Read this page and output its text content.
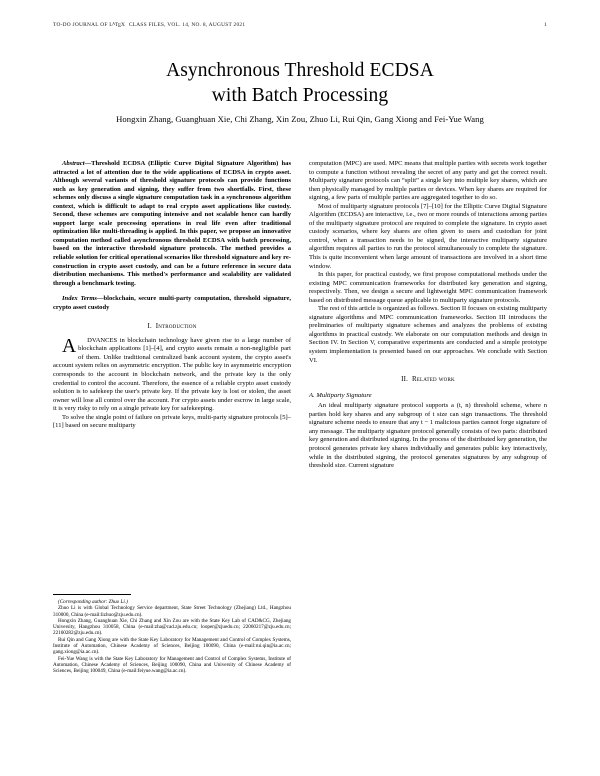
TO-DO JOURNAL OF $L^ATEX$ CLASS FILES, VOL. 14, NO. 8, AUGUST 2021	1
Asynchronous Threshold ECDSA
with Batch Processing
Hongxin Zhang, Guanghuan Xie, Chi Zhang, Xin Zou, Zhuo Li, Rui Qin, Gang Xiong and Fei-Yue Wang

Abstract—Threshold ECDSA (Elliptic Curve Digital Signature Algorithm) has attracted a lot of attention due to the wide applications of ECDSA in crypto asset. Although several variants of threshold signature protocols can provide functions such as key generation and signing, they suffer from two shortfalls. First, these schemes only discuss a single signature computation task in a synchronous algorithm context, which is difficult to adapt to real crypto asset applications like custody. Second, these schemes are computing intensive and not scalable hence can hardly support large scale processing operations in real life even after traditional optimization like multi-threading is applied. In this paper, we propose an innovative computation method called asynchronous threshold ECDSA with batch processing, based on the interactive threshold signature protocols. The method provides a reliable solution for critical operational scenarios like threshold signature and key re-construction in crypto asset custody, and can be a future reference in secure data distribution mechanisms. This method's performance and scalability are validated through a benchmark testing.

Index Terms—blockchain, secure multi-party computation, threshold signature, crypto asset custody

I. Introduction

A	DVANCES in blockchain technology have given rise to a large number of blockchain applications [1]–[4], and crypto assets remain a non-negligible part of them. Unlike traditional centralized bank account system, the crypto asset's account system relies on asymmetric encryption. The public key in asymmetric encryption corresponds to the account in blockchain network, and the private key is the only credential to control the account. Therefore, the essence of a reliable crypto asset custody solution is to safekeep the user's private key. If the private key is lost or stolen, the asset owner will lose all control over the account. For crypto assets under escrow in large scale, it is very risky to rely on a single private key for safekeeping.

To solve the single point of failure on private keys, multi-party signature protocols [5]–[11] based on secure multiparty

computation (MPC) are used. MPC means that multiple parties with secrets work together to compute a function without revealing the secret of any party and get the correct result. Multiparty signature protocols can “split” a single key into multiple key shares, which are then physically managed by multiple parties or devices. When key shares are required for signing, a few parts of multiple parties are aggregated together to do so.

Most of multiparty signature protocols [7]–[10] for the Elliptic Curve Digital Signature Algorithm (ECDSA) are interactive, i.e., two or more rounds of interactions among parties of the multiparty signature protocol are required to complete the signature. In crypto asset custody scenarios, where key shares are often given to users and custodian for joint control, when a transaction needs to be signed, the interactive multiparty signature algorithm requires all parties to run the protocol simultaneously to complete the signature. This is quite inconvenient when large amount of transactions are involved in a short time window.

In this paper, for practical custody, we first propose computational methods under the existing MPC communication frameworks for distributed key generation and signing, respectively. Then, we design a secure and lightweight MPC communication framework based on distributed message queue applicable to multiparty signature protocols.

The rest of this article is organized as follows. Section II focuses on existing multiparty signature algorithms and MPC communication frameworks. Section III introduces the preliminaries of multiparty signature schemes and analyzes the problems of existing algorithms in practical custody. We elaborate on our computation methods and design in Section IV. In Section V, comparative experiments are conducted and a simple prototype system implementation is presented based on our approaches. We conclude with Section VI.

II. Related work
A. Multiparty Signature

An ideal multiparty signature protocol supports a (t, n) threshold scheme, where n parties hold key shares and any subgroup of t size can sign transactions. The threshold signature scheme needs to ensure that any t − 1 malicious parties cannot forge signature of any message. The multiparty signature protocol generally consists of two parts: distributed key generation and distributed signing. In the process of the distributed key generation, the protocol generates private key shares individually and generates public key interactively, while in the distributed signing, the protocol generates signatures by any subgroup of threshold size. Current signature

(Corresponding author: Zhuo Li.)

Zhuo Li is with Global Technology Service department, State Street Technology (Zhejiang) Ltd., Hangzhou 310000, China (e-mail:lizhuo@zju.edu.cn).

Hongxin Zhang, Guanghuan Xie, Chi Zhang and Xin Zou are with the State Key Lab of CAD&CG, Zhejiang University, Hangzhou 310058, China (e-mail:zha@cad.zju.edu.cn; looper@zjuedu.cn; 22060217@zju.edu.cn; 22160282@zju.edu.cn).

Rui Qin and Gang Xiong are with the State Key Laboratory for Management and Control of Complex Systems, Institute of Automation, Chinese Academy of Sciences, Beijing 100090, China (e-mail:rui.qin@ia.ac.cn; gang.xiong@ia.ac.cn).

Fei-Yue Wang is with the State Key Laboratory for Management and Control of Complex Systems, Institute of Automation, Chinese Academy of Sciences, Beijing 100090, China and University of Chinese Academy of Sciences, Beijing 100049, China (e-mail:feiyue.wang@ia.ac.cn).
